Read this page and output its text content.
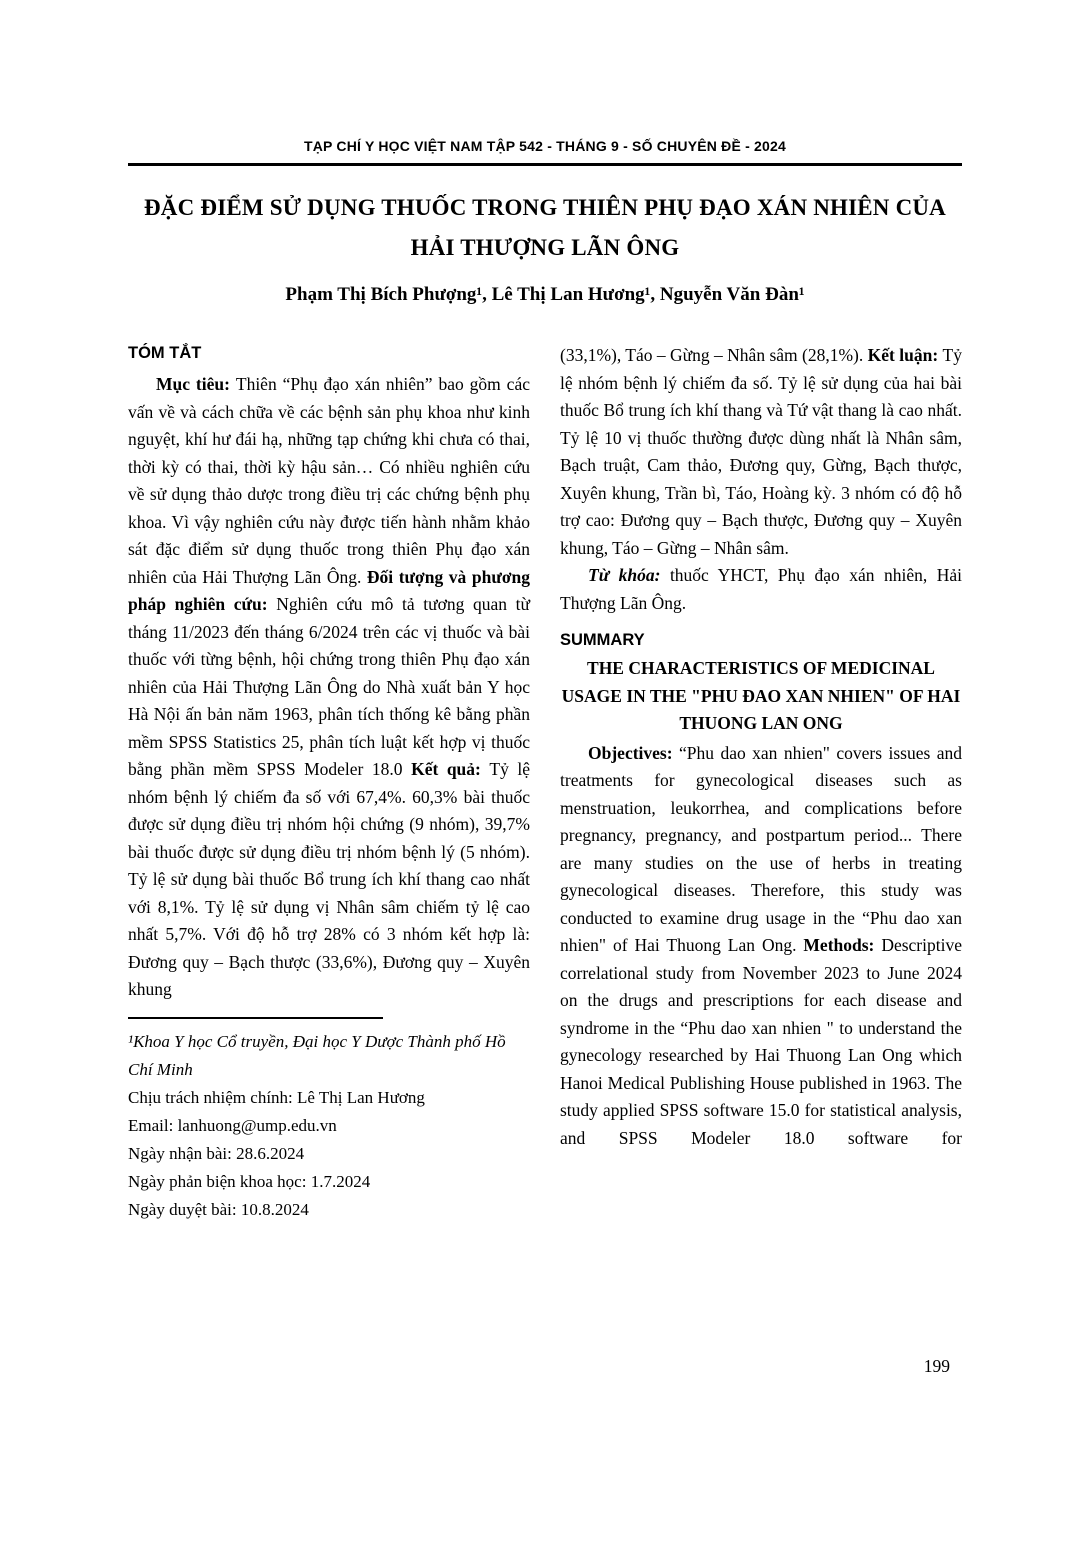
TẠP CHÍ Y HỌC VIỆT NAM TẬP 542 - THÁNG 9 - SỐ CHUYÊN ĐỀ - 2024
ĐẶC ĐIỂM SỬ DỤNG THUỐC TRONG THIÊN PHỤ ĐẠO XÁN NHIÊN CỦA HẢI THƯỢNG LÃN ÔNG
Phạm Thị Bích Phượng¹, Lê Thị Lan Hương¹, Nguyễn Văn Đàn¹
TÓM TẮT

Mục tiêu: Thiên “Phụ đạo xán nhiên” bao gồm các vấn về và cách chữa về các bệnh sản phụ khoa như kinh nguyệt, khí hư đái hạ, những tạp chứng khi chưa có thai, thời kỳ có thai, thời kỳ hậu sản… Có nhiều nghiên cứu về sử dụng thảo dược trong điều trị các chứng bệnh phụ khoa. Vì vậy nghiên cứu này được tiến hành nhằm khảo sát đặc điểm sử dụng thuốc trong thiên Phụ đạo xán nhiên của Hải Thượng Lãn Ông. Đối tượng và phương pháp nghiên cứu: Nghiên cứu mô tả tương quan từ tháng 11/2023 đến tháng 6/2024 trên các vị thuốc và bài thuốc với từng bệnh, hội chứng trong thiên Phụ đạo xán nhiên của Hải Thượng Lãn Ông do Nhà xuất bản Y học Hà Nội ấn bản năm 1963, phân tích thống kê bằng phần mềm SPSS Statistics 25, phân tích luật kết hợp vị thuốc bằng phần mềm SPSS Modeler 18.0 Kết quả: Tỷ lệ nhóm bệnh lý chiếm đa số với 67,4%. 60,3% bài thuốc được sử dụng điều trị nhóm hội chứng (9 nhóm), 39,7% bài thuốc được sử dụng điều trị nhóm bệnh lý (5 nhóm). Tỷ lệ sử dụng bài thuốc Bổ trung ích khí thang cao nhất với 8,1%. Tỷ lệ sử dụng vị Nhân sâm chiếm tỷ lệ cao nhất 5,7%. Với độ hỗ trợ 28% có 3 nhóm kết hợp là: Đương quy – Bạch thược (33,6%), Đương quy – Xuyên khung

¹Khoa Y học Cổ truyền, Đại học Y Dược Thành phố Hồ Chí Minh

Chịu trách nhiệm chính: Lê Thị Lan Hương

Email: lanhuong@ump.edu.vn

Ngày nhận bài: 28.6.2024

Ngày phản biện khoa học: 1.7.2024

Ngày duyệt bài: 10.8.2024

(33,1%), Táo – Gừng – Nhân sâm (28,1%). Kết luận: Tỷ lệ nhóm bệnh lý chiếm đa số. Tỷ lệ sử dụng của hai bài thuốc Bổ trung ích khí thang và Tứ vật thang là cao nhất. Tỷ lệ 10 vị thuốc thường được dùng nhất là Nhân sâm, Bạch truật, Cam thảo, Đương quy, Gừng, Bạch thược, Xuyên khung, Trần bì, Táo, Hoàng kỳ. 3 nhóm có độ hỗ trợ cao: Đương quy – Bạch thược, Đương quy – Xuyên khung, Táo – Gừng – Nhân sâm.

Từ khóa: thuốc YHCT, Phụ đạo xán nhiên, Hải Thượng Lãn Ông.

SUMMARY
THE CHARACTERISTICS OF MEDICINAL USAGE IN THE "PHU ĐAO XAN NHIEN" OF HAI THUONG LAN ONG

Objectives: “Phu dao xan nhien" covers issues and treatments for gynecological diseases such as menstruation, leukorrhea, and complications before pregnancy, pregnancy, and postpartum period... There are many studies on the use of herbs in treating gynecological diseases. Therefore, this study was conducted to examine drug usage in the “Phu dao xan nhien" of Hai Thuong Lan Ong. Methods: Descriptive correlational study from November 2023 to June 2024 on the drugs and prescriptions for each disease and syndrome in the “Phu dao xan nhien " to understand the gynecology researched by Hai Thuong Lan Ong which Hanoi Medical Publishing House published in 1963. The study applied SPSS software 15.0 for statistical analysis, and SPSS Modeler 18.0 software for

199
